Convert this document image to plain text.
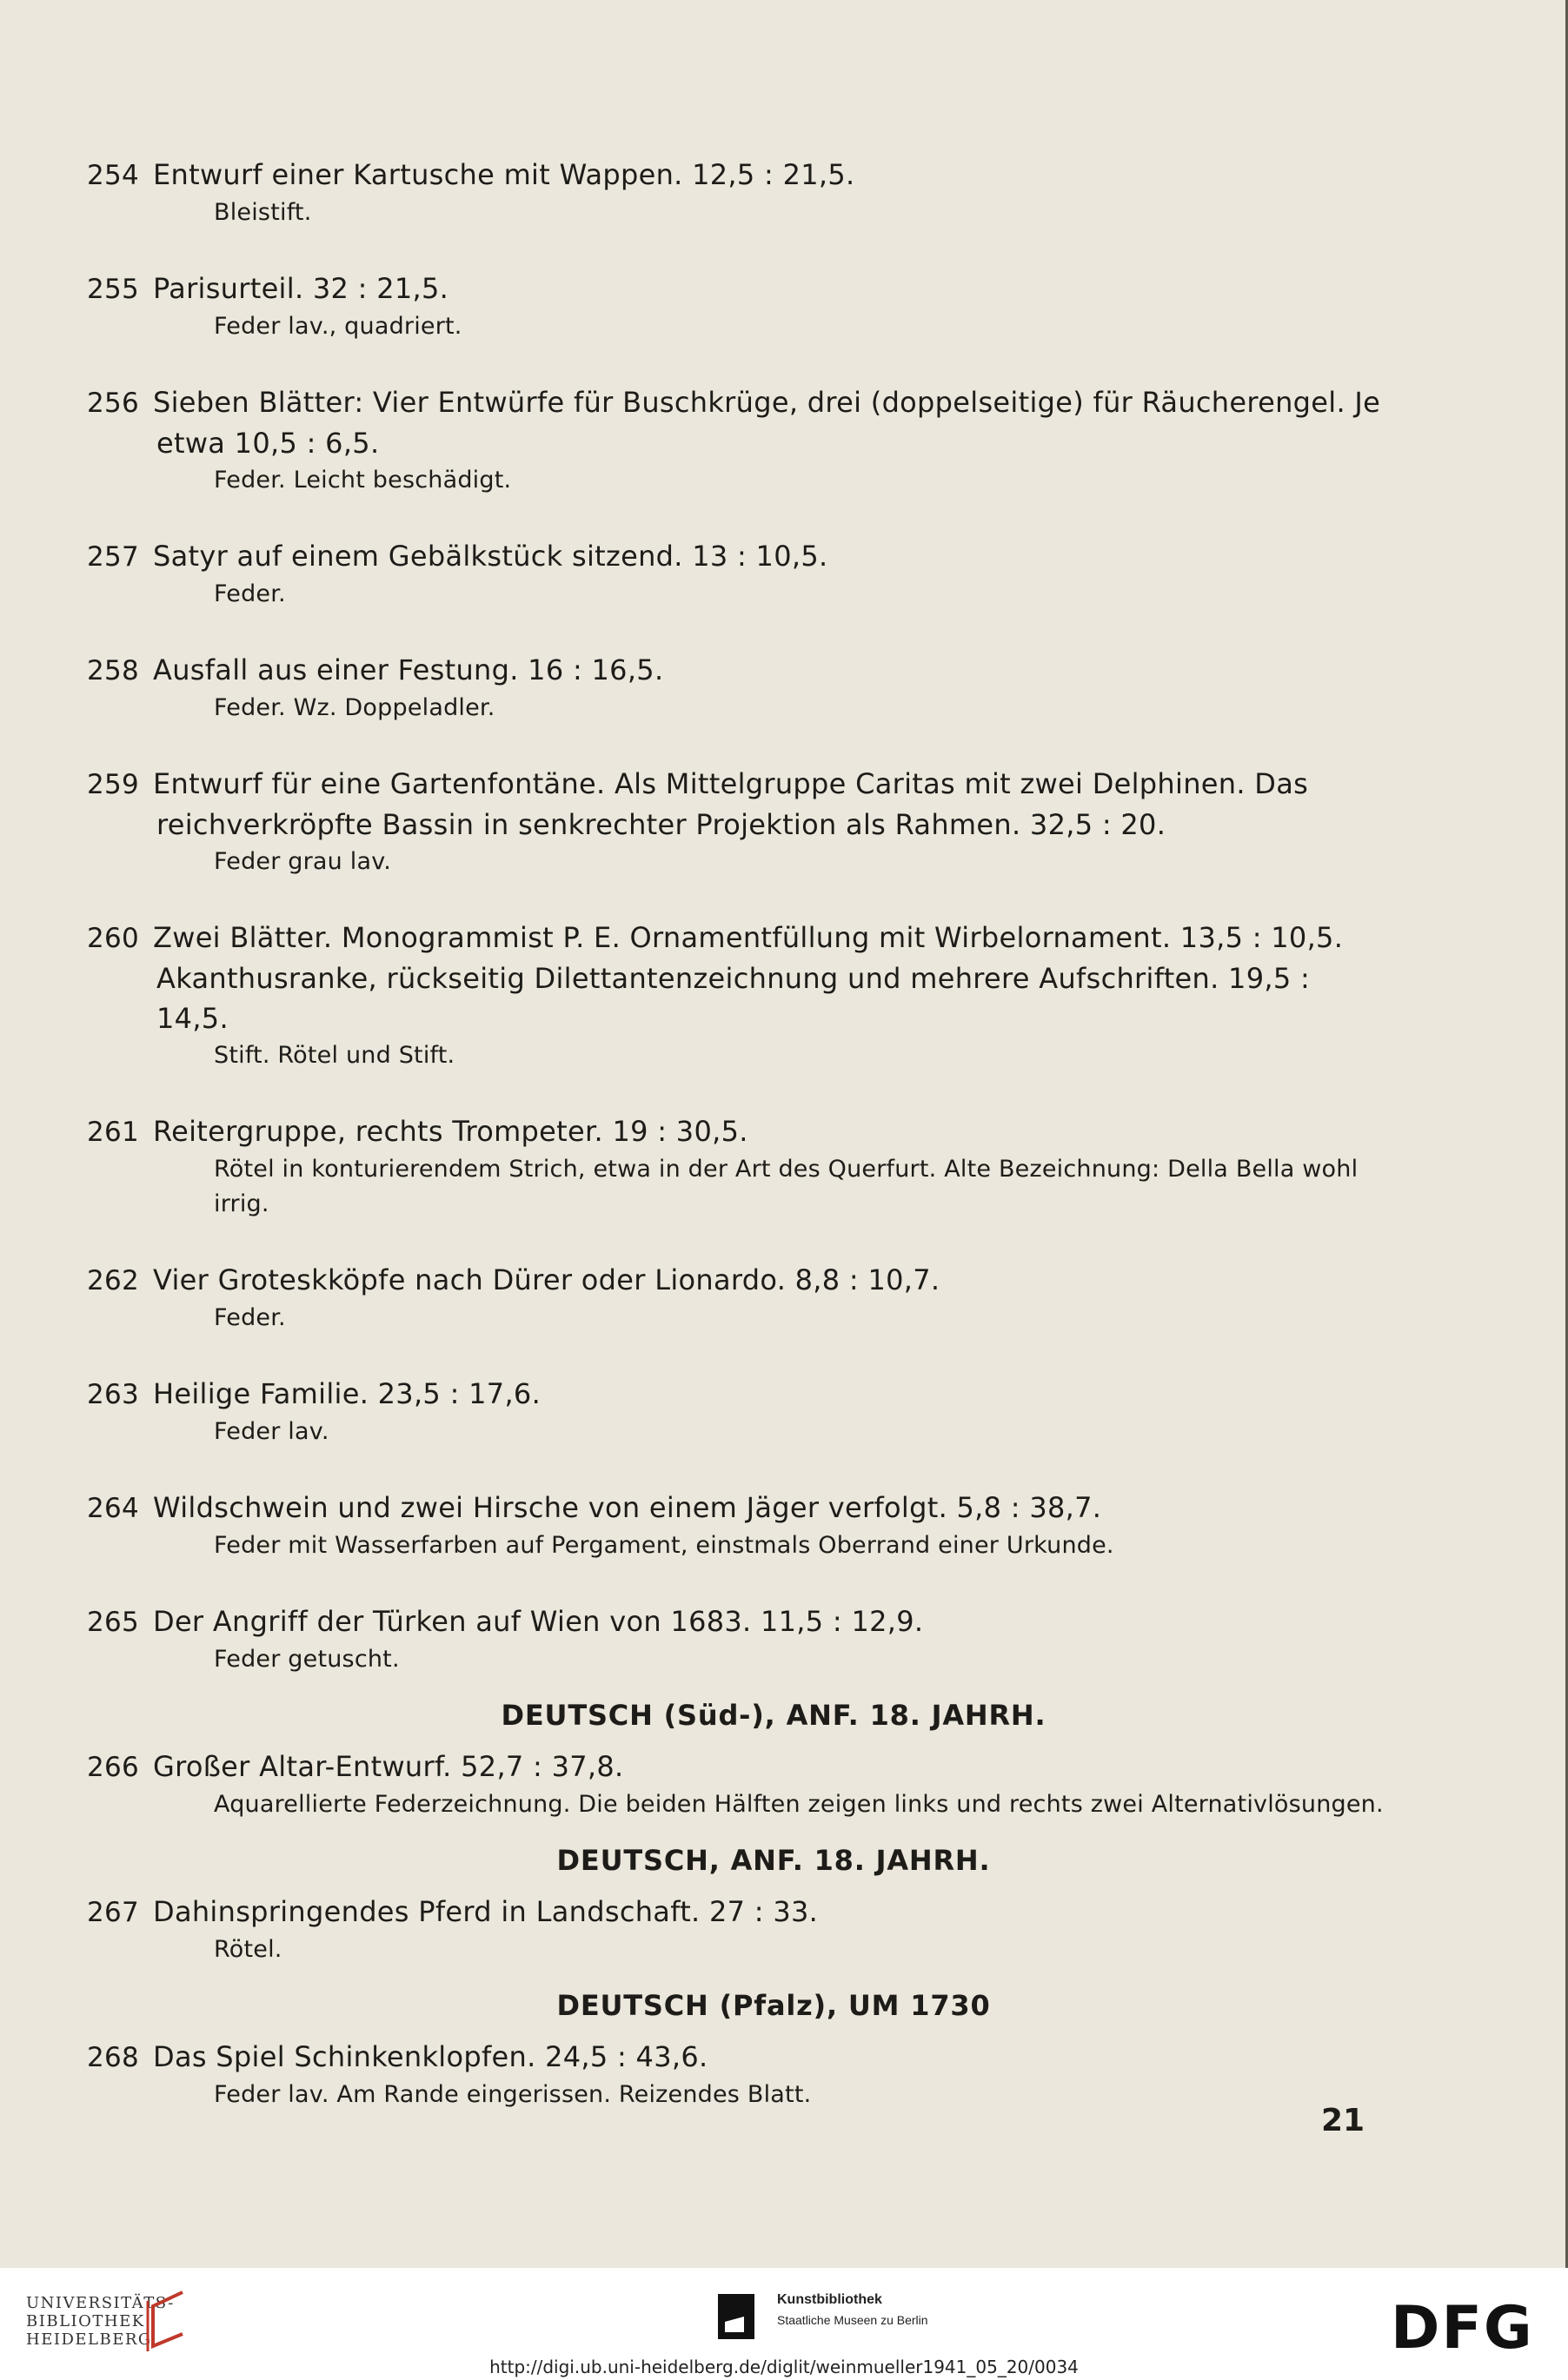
254 Entwurf einer Kartusche mit Wappen. 12,5 : 21,5.
Bleistift.
255 Parisurteil. 32 : 21,5.
Feder lav., quadriert.
256 Sieben Blätter: Vier Entwürfe für Buschkrüge, drei (doppelseitige) für Räucherengel. Je etwa 10,5 : 6,5.
Feder. Leicht beschädigt.
257 Satyr auf einem Gebälkstück sitzend. 13 : 10,5.
Feder.
258 Ausfall aus einer Festung. 16 : 16,5.
Feder. Wz. Doppeladler.
259 Entwurf für eine Gartenfontäne. Als Mittelgruppe Caritas mit zwei Delphinen. Das reichverkröpfte Bassin in senkrechter Projektion als Rahmen. 32,5 : 20.
Feder grau lav.
260 Zwei Blätter. Monogrammist P. E. Ornamentfüllung mit Wirbelornament. 13,5 : 10,5. Akanthusranke, rückseitig Dilettantenzeichnung und mehrere Aufschriften. 19,5 : 14,5.
Stift. Rötel und Stift.
261 Reitergruppe, rechts Trompeter. 19 : 30,5.
Rötel in konturierendem Strich, etwa in der Art des Querfurt. Alte Bezeichnung: Della Bella wohl irrig.
262 Vier Groteskköpfe nach Dürer oder Lionardo. 8,8 : 10,7.
Feder.
263 Heilige Familie. 23,5 : 17,6.
Feder lav.
264 Wildschwein und zwei Hirsche von einem Jäger verfolgt. 5,8 : 38,7.
Feder mit Wasserfarben auf Pergament, einstmals Oberrand einer Urkunde.
265 Der Angriff der Türken auf Wien von 1683. 11,5 : 12,9.
Feder getuscht.
DEUTSCH (Süd-), ANF. 18. JAHRH.
266 Großer Altar-Entwurf. 52,7 : 37,8.
Aquarellierte Federzeichnung. Die beiden Hälften zeigen links und rechts zwei Alternativlösungen.
DEUTSCH, ANF. 18. JAHRH.
267 Dahinspringendes Pferd in Landschaft. 27 : 33.
Rötel.
DEUTSCH (Pfalz), UM 1730
268 Das Spiel Schinkenklopfen. 24,5 : 43,6.
Feder lav. Am Rande eingerissen. Reizendes Blatt.
21
UNIVERSITÄTS-
BIBLIOTHEK
HEIDELBERG
Kunstbibliothek
Staatliche Museen zu Berlin	DFG
http://digi.ub.uni-heidelberg.de/diglit/weinmueller1941_05_20/0034
